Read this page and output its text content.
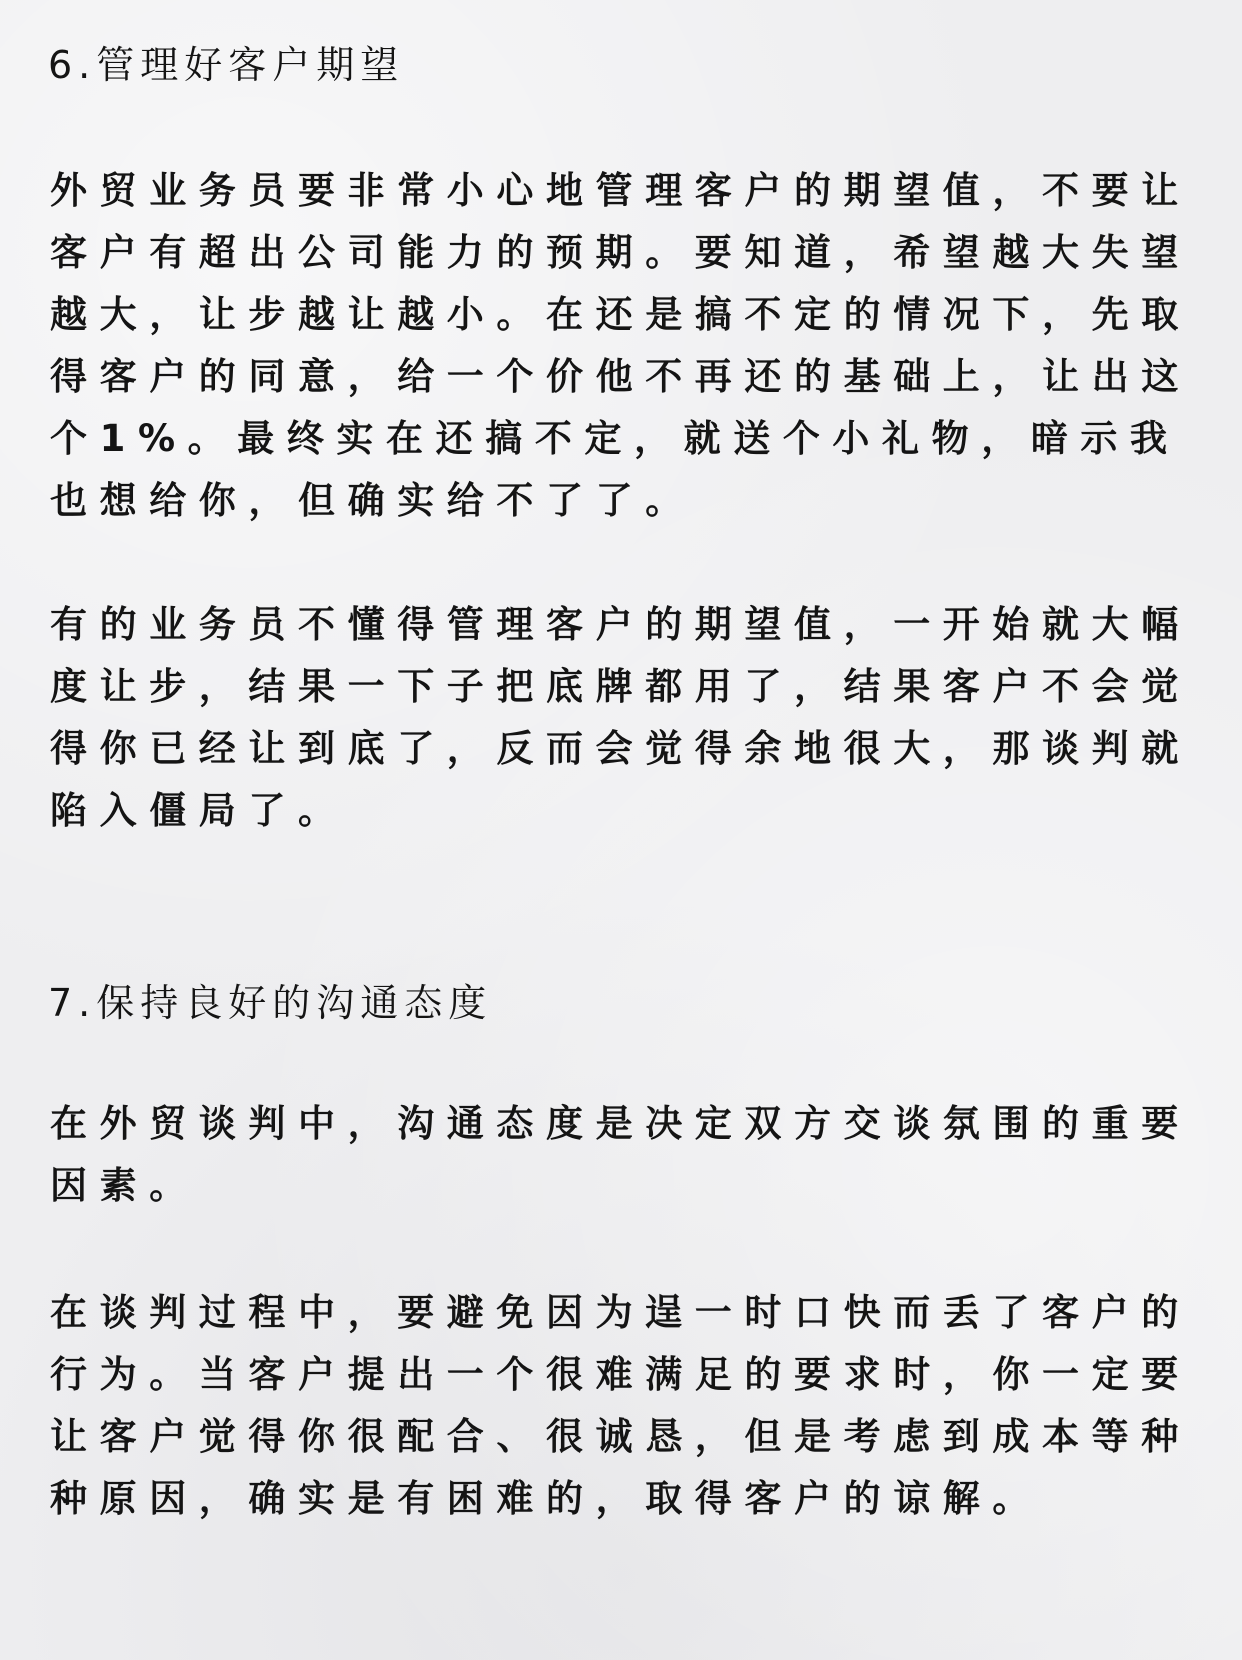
6.管理好客户期望

外贸业务员要非常小心地管理客户的期望值，不要让客户有超出公司能力的预期。要知道，希望越大失望越大，让步越让越小。在还是搞不定的情况下，先取得客户的同意，给一个价他不再还的基础上，让出这个1%。最终实在还搞不定，就送个小礼物，暗示我也想给你，但确实给不了了。

有的业务员不懂得管理客户的期望值，一开始就大幅度让步，结果一下子把底牌都用了，结果客户不会觉得你已经让到底了，反而会觉得余地很大，那谈判就陷入僵局了。

7.保持良好的沟通态度

在外贸谈判中，沟通态度是决定双方交谈氛围的重要因素。

在谈判过程中，要避免因为逞一时口快而丢了客户的行为。当客户提出一个很难满足的要求时，你一定要让客户觉得你很配合、很诚恳，但是考虑到成本等种种原因，确实是有困难的，取得客户的谅解。
